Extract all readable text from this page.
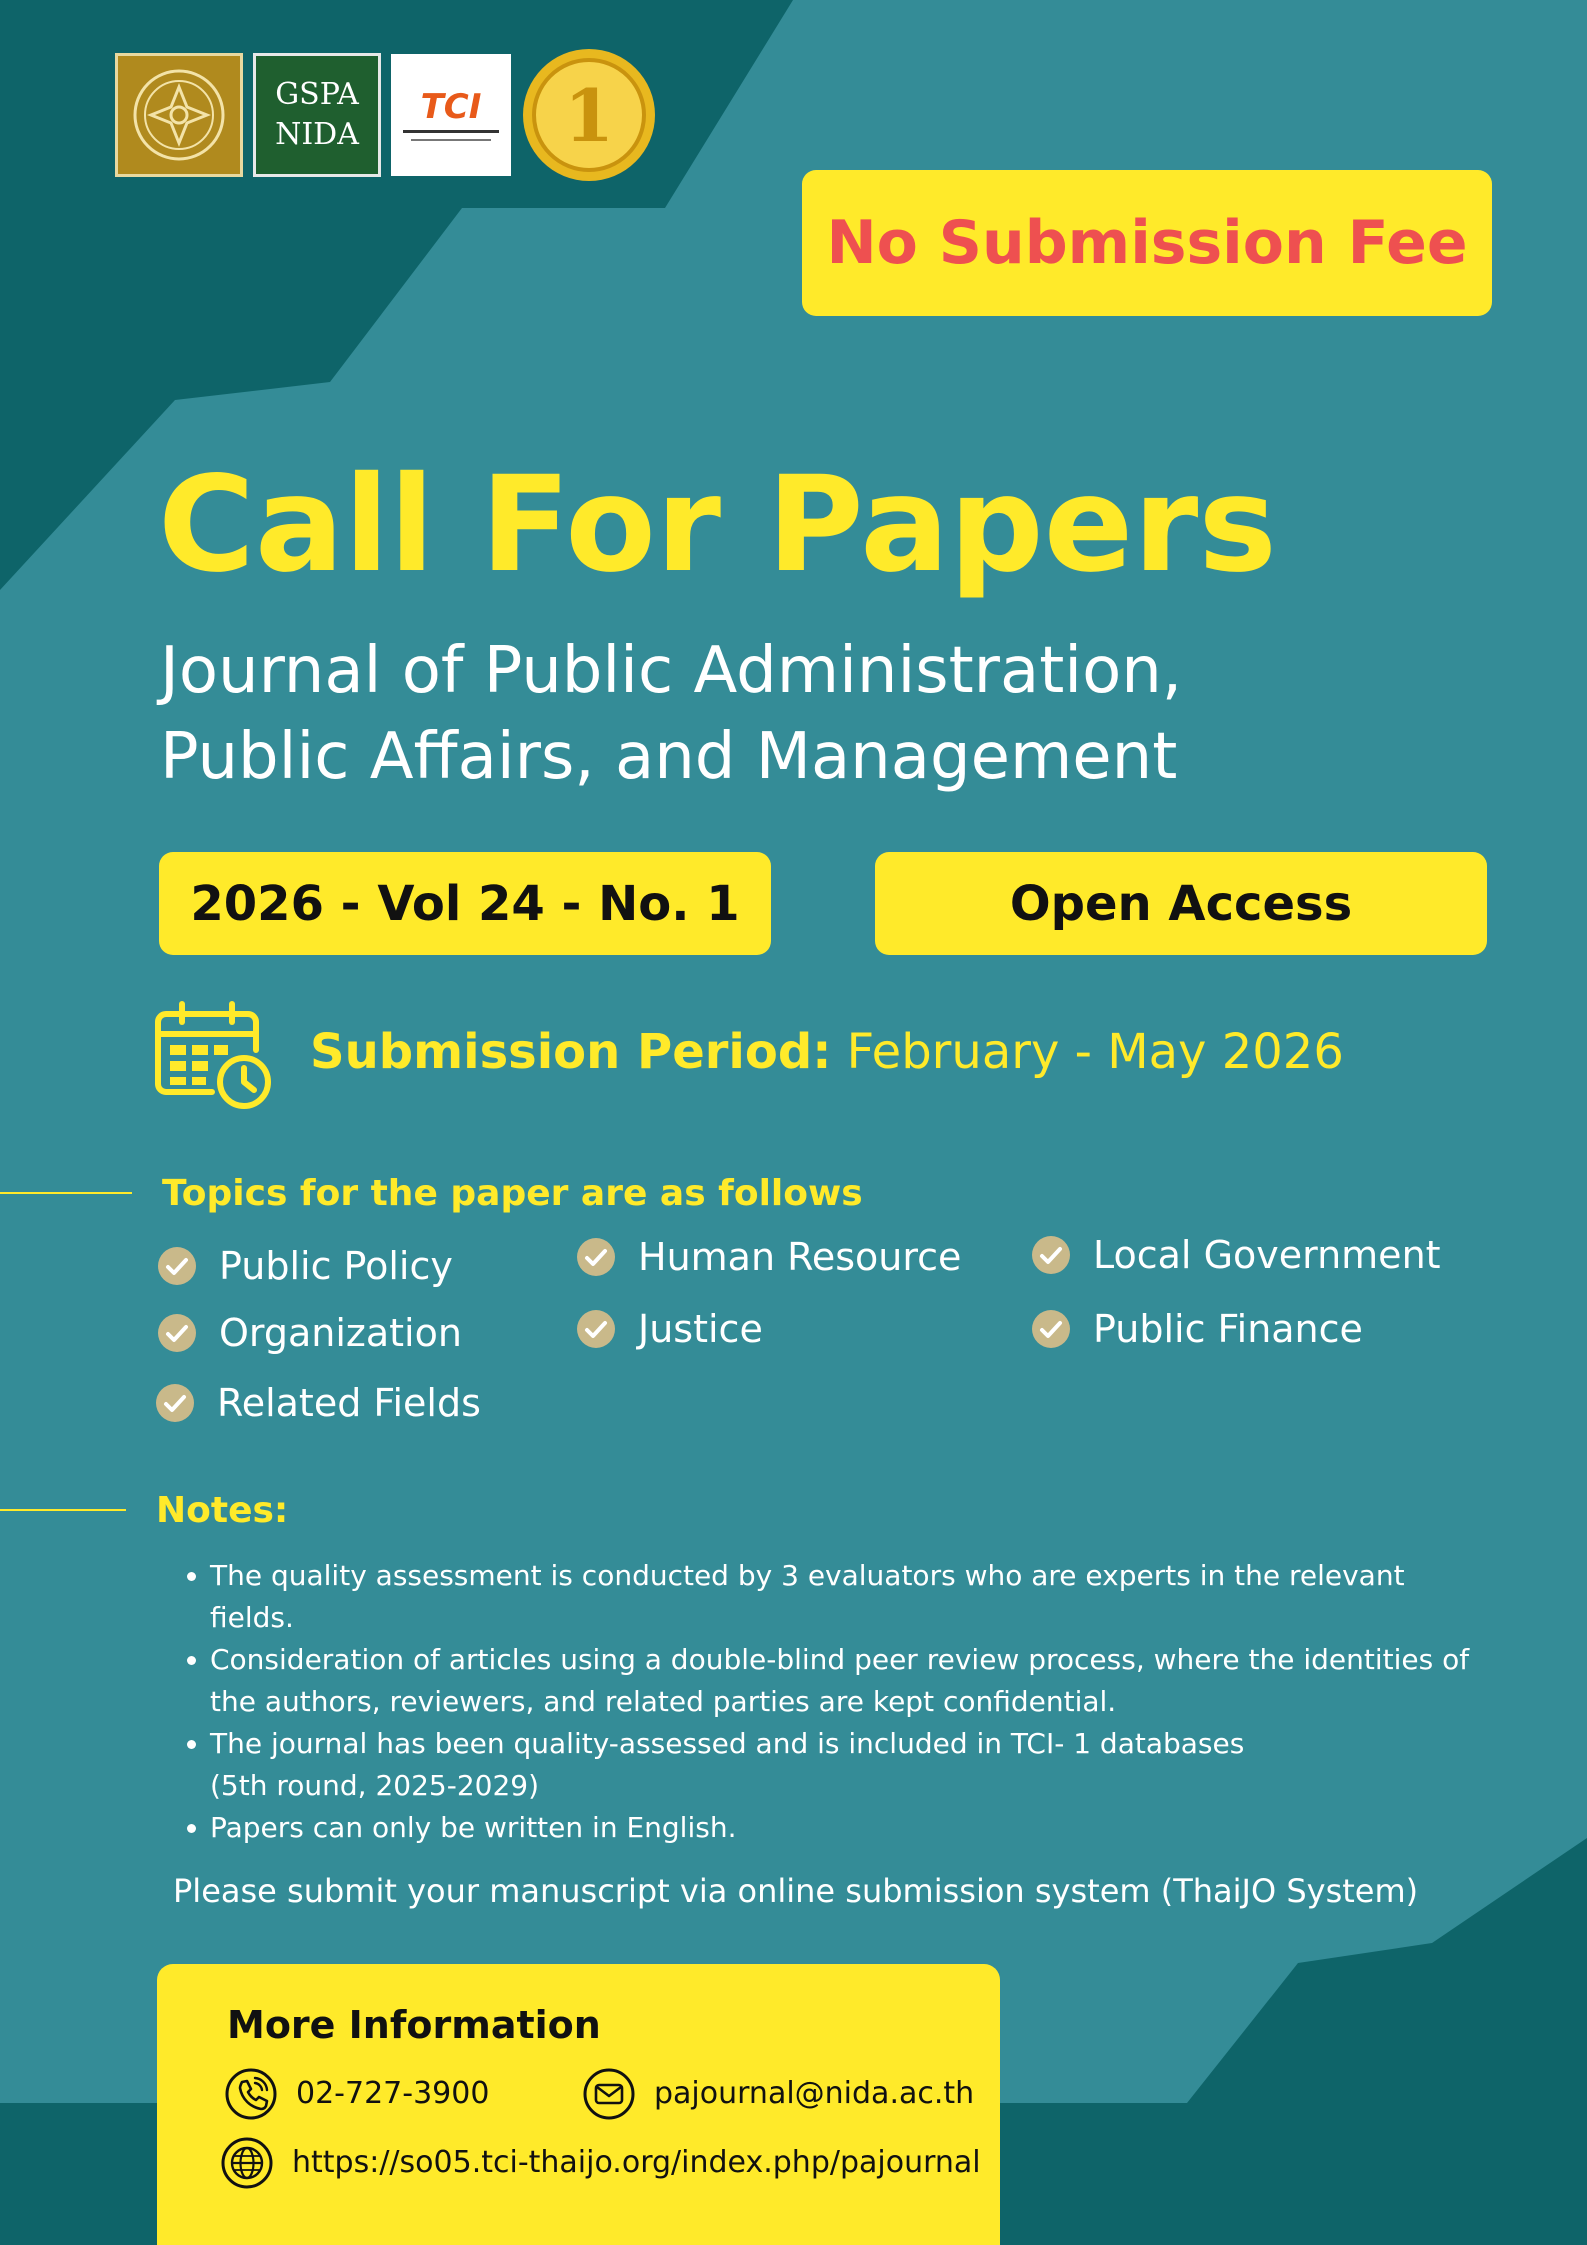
GSPA
NIDA
TCI 1
No Submission Fee
Call For Papers
Journal of Public Administration,
Public Affairs, and Management
2026 - Vol 24 - No. 1	Open Access
Submission Period: February - May 2026
Topics for the paper are as follows
Public Policy
Organization
Related Fields
Human Resource
Justice
Local Government
Public Finance
Notes:
The quality assessment is conducted by 3 evaluators who are experts in the relevant fields.
Consideration of articles using a double-blind peer review process, where the identities of
the authors, reviewers, and related parties are kept confidential.
The journal has been quality-assessed and is included in TCI- 1 databases
(5th round, 2025-2029)
Papers can only be written in English.
Please submit your manuscript via online submission system (ThaiJO System)
More Information
02-727-3900	pajournal@nida.ac.th
https://so05.tci-thaijo.org/index.php/pajournal
